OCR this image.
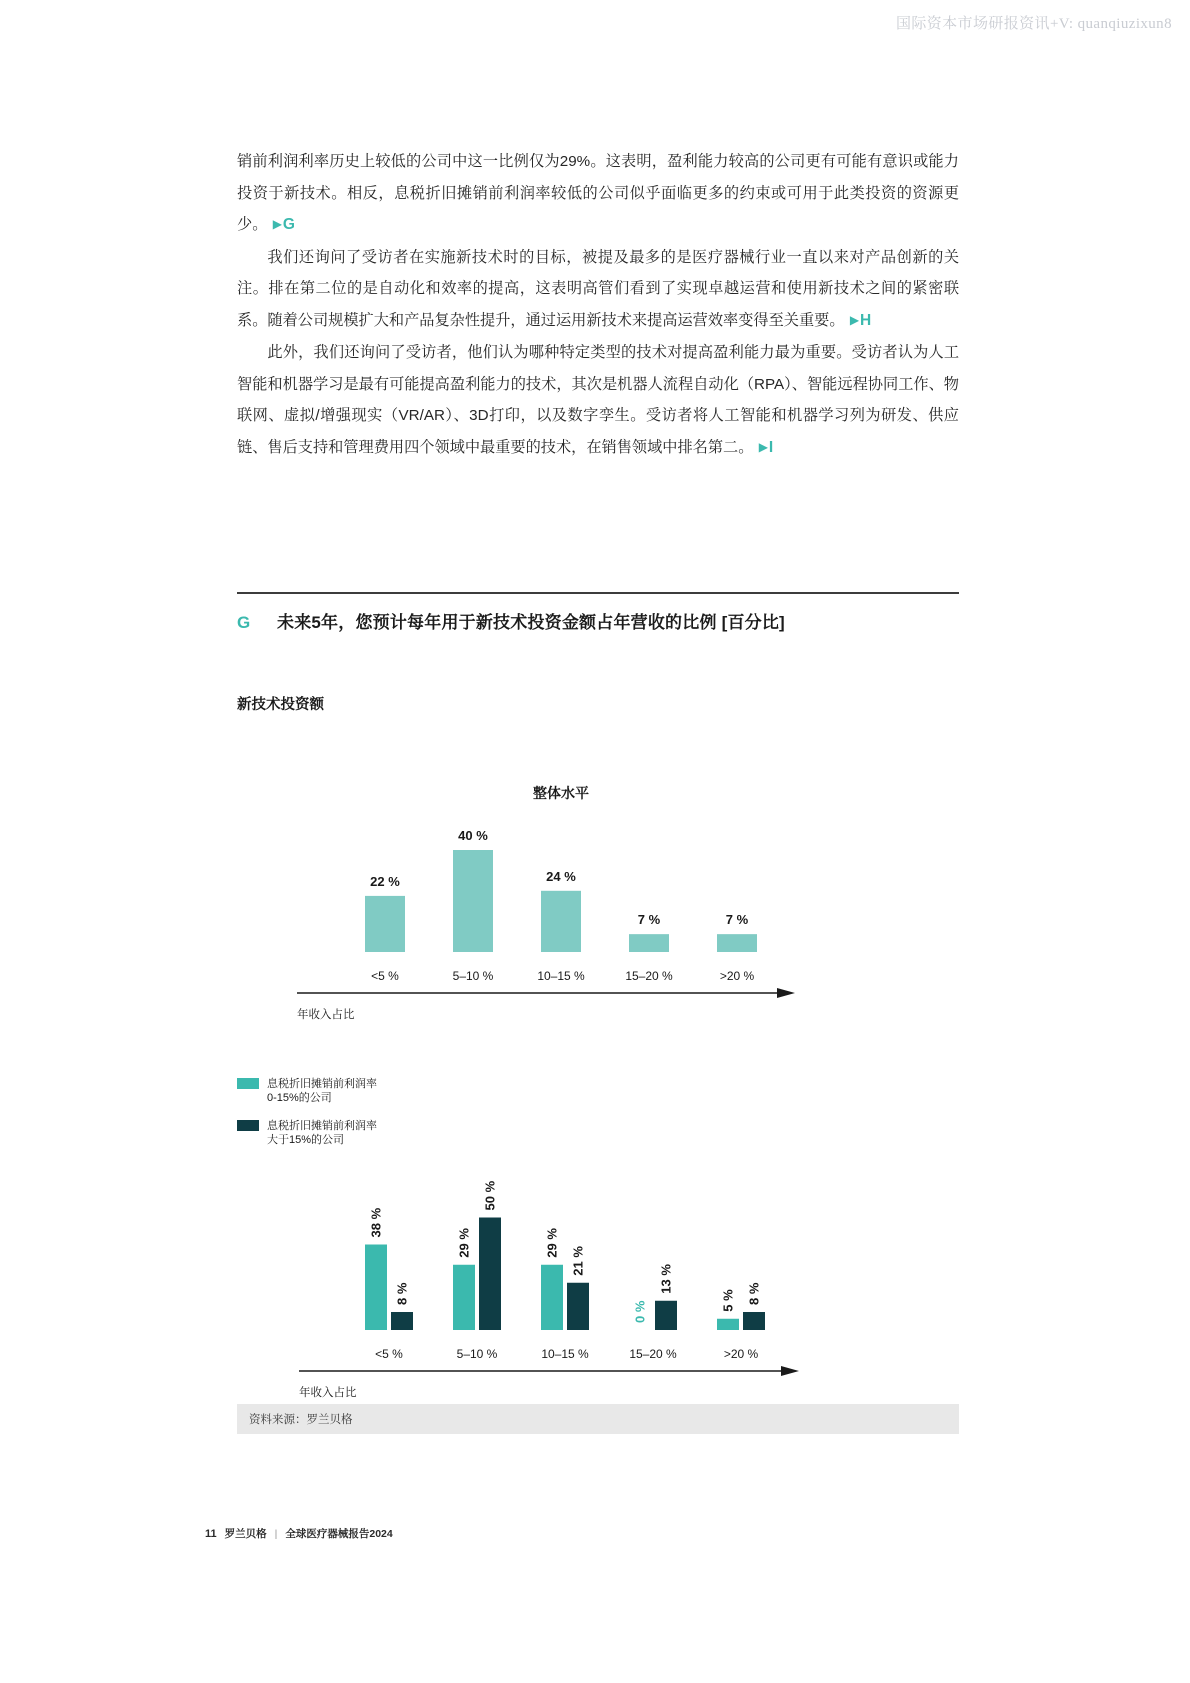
国际资本市场研报资讯+V: quanqiuzixun8

销前利润利率历史上较低的公司中这一比例仅为29%。这表明，盈利能力较高的公司更有可能有意识或能力投资于新技术。相反，息税折旧摊销前利润率较低的公司似乎面临更多的约束或可用于此类投资的资源更少。 ▶G

我们还询问了受访者在实施新技术时的目标，被提及最多的是医疗器械行业一直以来对产品创新的关注。排在第二位的是自动化和效率的提高，这表明高管们看到了实现卓越运营和使用新技术之间的紧密联系。随着公司规模扩大和产品复杂性提升，通过运用新技术来提高运营效率变得至关重要。 ▶H

此外，我们还询问了受访者，他们认为哪种特定类型的技术对提高盈利能力最为重要。受访者认为人工智能和机器学习是最有可能提高盈利能力的技术，其次是机器人流程自动化（RPA）、智能远程协同工作、物联网、虚拟/增强现实（VR/AR）、3D打印，以及数字孪生。受访者将人工智能和机器学习列为研发、供应链、售后支持和管理费用四个领域中最重要的技术，在销售领域中排名第二。 ▶I

G	未来5年，您预计每年用于新技术投资金额占年营收的比例 [百分比]
新技术投资额
22 %
40 %
24 %
7 %	7 %
整体水平
<5 %	5–10 %	10–15 %	15–20 %	>20 %
年收入占比
息税折旧摊销前利润率
0-15%的公司
息税折旧摊销前利润率
大于15%的公司
38 %
8 %
29 %
50 %
29 %
21 %
0 %
13 %
5 % 8 %
<5 %	5–10 %	10–15 %	15–20 %	>20 %
年收入占比
资料来源：罗兰贝格
11 罗兰贝格 | 全球医疗器械报告2024
